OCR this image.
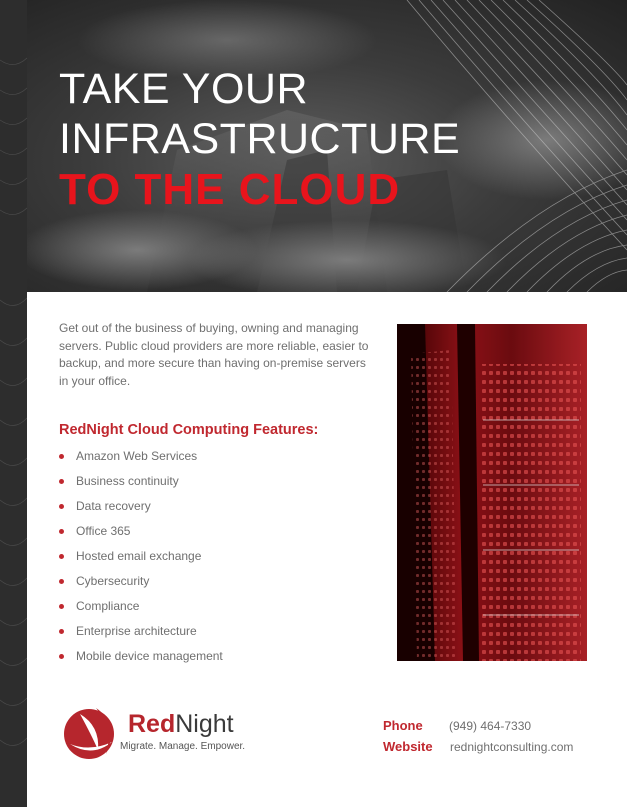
TAKE YOUR
INFRASTRUCTURE
TO THE CLOUD

Get out of the business of buying, owning and managing servers. Public cloud providers are more reliable, easier to backup, and more secure than having on-premise servers in your office.

RedNight Cloud Computing Features:
Amazon Web Services
Business continuity
Data recovery
Office 365
Hosted email exchange
Cybersecurity
Compliance
Enterprise architecture
Mobile device management
RedNight
Migrate. Manage. Empower.
Phone (949) 464-7330
Website rednightconsulting.com
